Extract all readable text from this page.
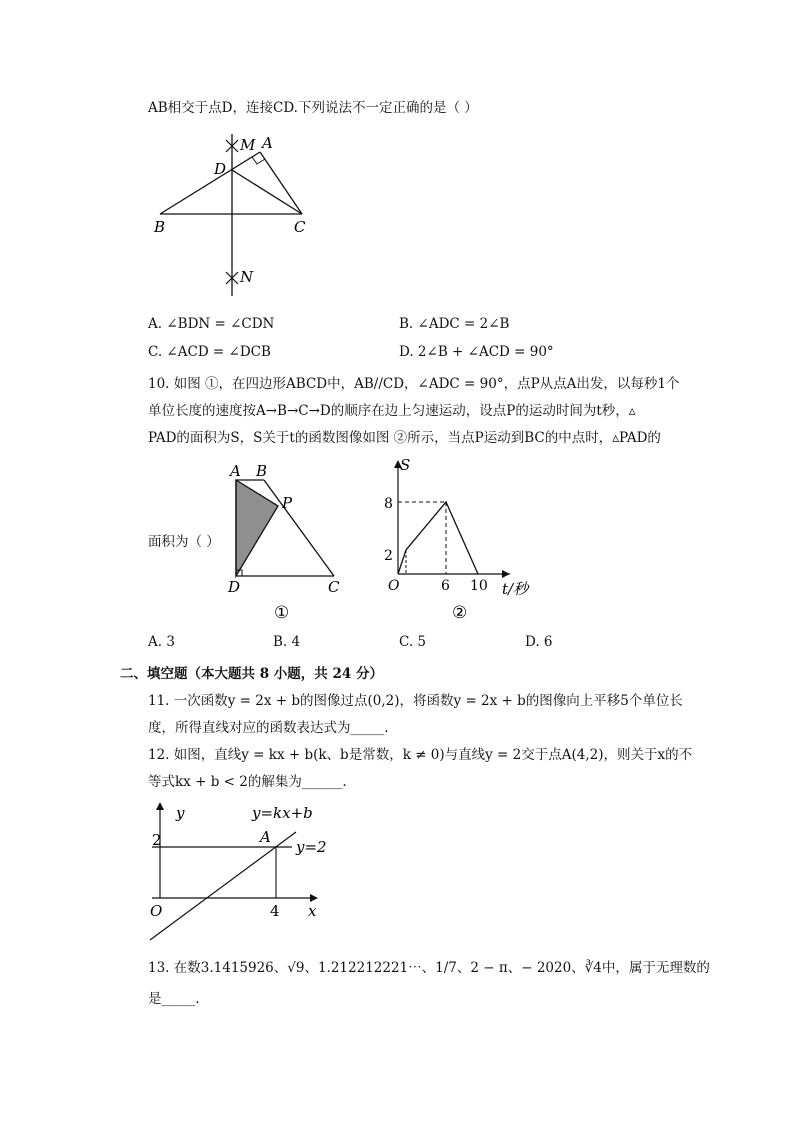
AB相交于点D，连接CD.下列说法不一定正确的是（ ）
M A
D
B	C
N
A. ∠BDN = ∠CDN	B. ∠ADC = 2∠B
C. ∠ACD = ∠DCB	D. 2∠B + ∠ACD = 90°
10. 如图 ①，在四边形ABCD中，AB//CD，∠ADC = 90°，点P从点A出发，以每秒1个
单位长度的速度按A→B→C→D的顺序在边上匀速运动，设点P的运动时间为t秒，▵
PAD的面积为S，S关于t的函数图像如图 ②所示，当点P运动到BC的中点时，▵PAD的
面积为（ ）
A B
P
D	C
①
S
t/秒
8
2
O	6 10
②
A. 3	B. 4	C. 5	D. 6
二、填空题（本大题共 8 小题，共 24 分）
11. 一次函数y = 2x + b的图像过点(0,2)，将函数y = 2x + b的图像向上平移5个单位长
度，所得直线对应的函数表达式为_____.
12. 如图，直线y = kx + b(k、b是常数，k ≠ 0)与直线y = 2交于点A(4,2)，则关于x的不
等式kx + b < 2的解集为______.
y	y=kx+b
2	A
y=2
O	4 x
13. 在数3.1415926、√9、1.212212221⋯、1/7、2 − π、− 2020、∛4中，属于无理数的
是_____.
